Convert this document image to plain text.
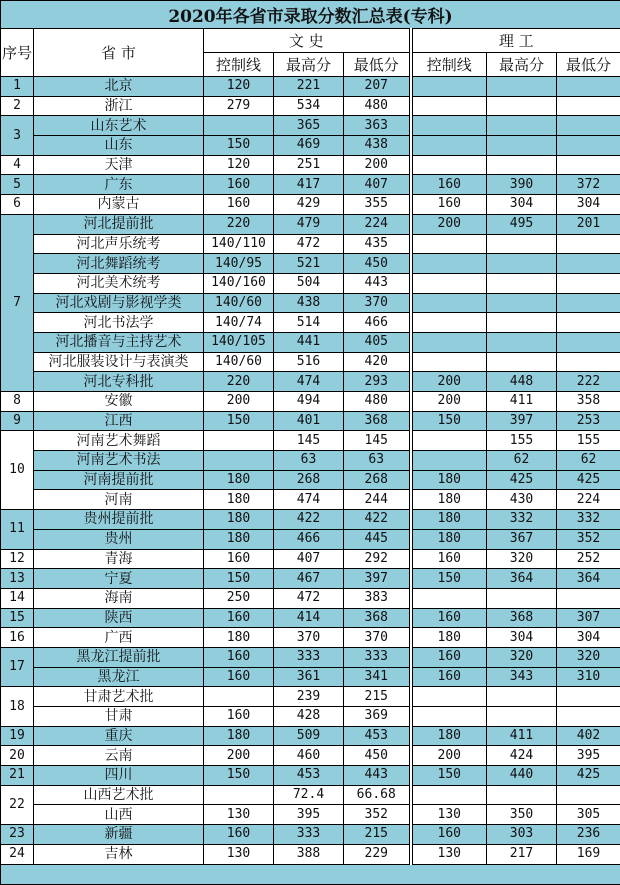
2020年各省市录取分数汇总表(专科)							
序号	省 市	文 史			理 工		
		控制线	最高分	最低分	控制线	最高分	最低分
1	北京	120	221	207			
2	浙江	279	534	480			
3	山东艺术		365	363			
	山东	150	469	438			
4	天津	120	251	200			
5	广东	160	417	407	160	390	372
6	内蒙古	160	429	355	160	304	304
7	河北提前批	220	479	224	200	495	201
	河北声乐统考	140/110	472	435			
	河北舞蹈统考	140/95	521	450			
	河北美术统考	140/160	504	443			
	河北戏剧与影视学类	140/60	438	370			
	河北书法学	140/74	514	466			
	河北播音与主持艺术	140/105	441	405			
	河北服装设计与表演类	140/60	516	420			
	河北专科批	220	474	293	200	448	222
8	安徽	200	494	480	200	411	358
9	江西	150	401	368	150	397	253
10	河南艺术舞蹈		145	145		155	155
	河南艺术书法		63	63		62	62
	河南提前批	180	268	268	180	425	425
	河南	180	474	244	180	430	224
11	贵州提前批	180	422	422	180	332	332
	贵州	180	466	445	180	367	352
12	青海	160	407	292	160	320	252
13	宁夏	150	467	397	150	364	364
14	海南	250	472	383			
15	陕西	160	414	368	160	368	307
16	广西	180	370	370	180	304	304
17	黑龙江提前批	160	333	333	160	320	320
	黑龙江	160	361	341	160	343	310
18	甘肃艺术批		239	215			
	甘肃	160	428	369			
19	重庆	180	509	453	180	411	402
20	云南	200	460	450	200	424	395
21	四川	150	453	443	150	440	425
22	山西艺术批		72.4	66.68			
	山西	130	395	352	130	350	305
23	新疆	160	333	215	160	303	236
24	吉林	130	388	229	130	217	169
